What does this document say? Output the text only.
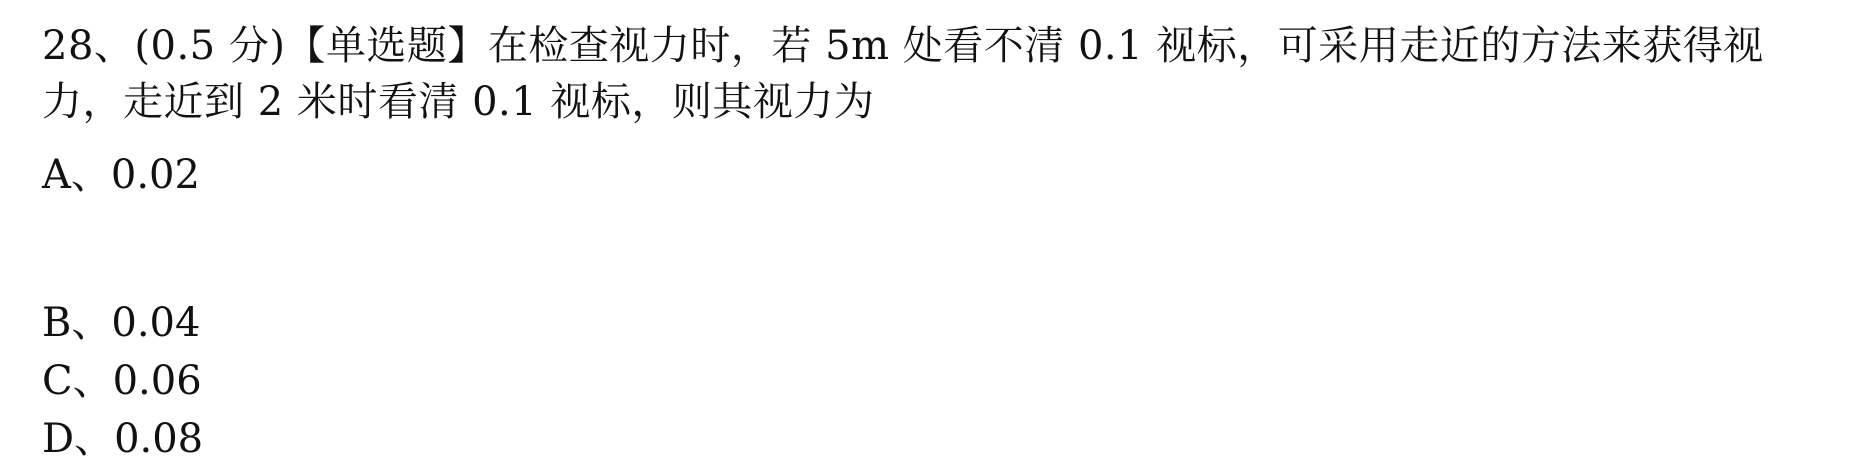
28、(0.5 分)【单选题】在检查视力时，若 5m 处看不清 0.1 视标，可采用走近的方法来获得视力，走近到 2 米时看清 0.1 视标，则其视力为
A、0.02
B、0.04
C、0.06
D、0.08
